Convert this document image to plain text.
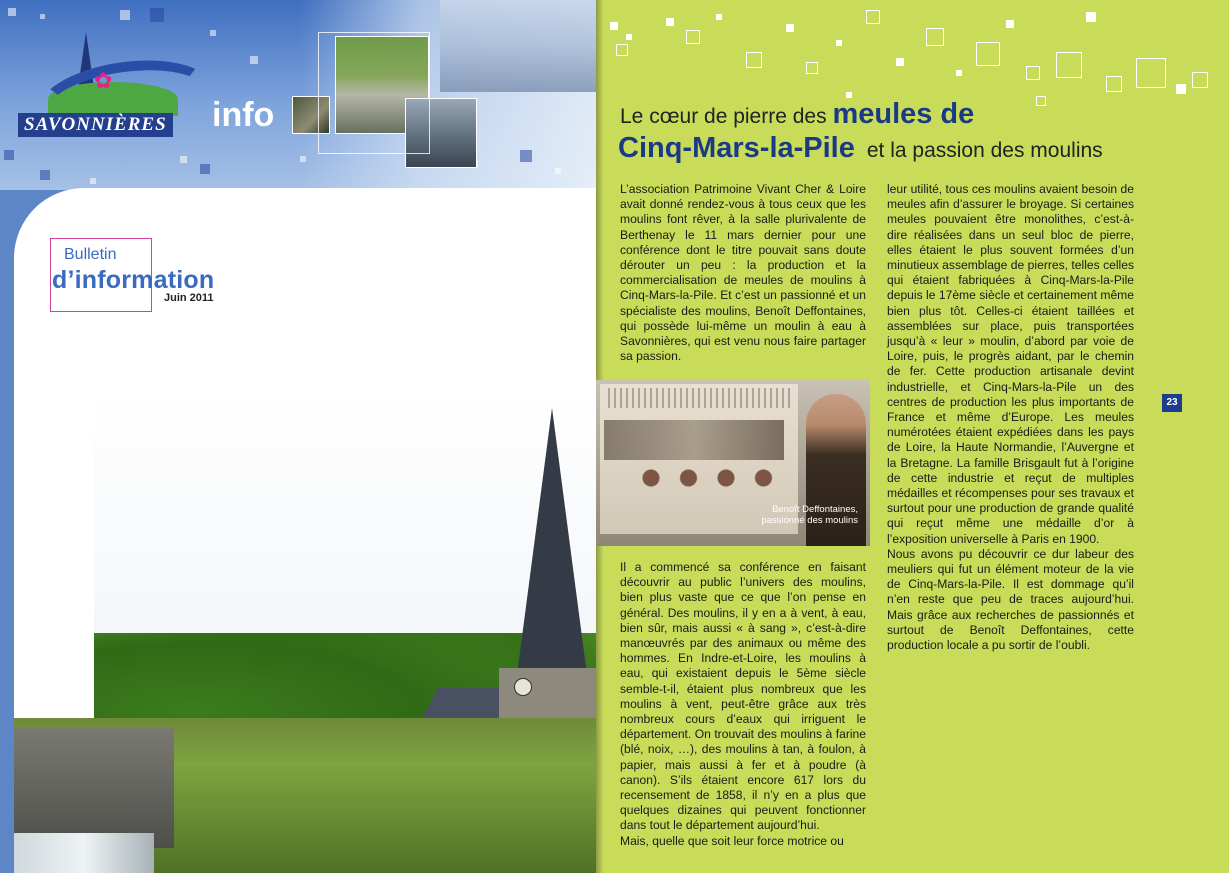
✿
SAVONNIÈRES info
Bulletin
d’information
Juin 2011
Le cœur de pierre des meules de
Cinq-Mars-la-Pile et la passion des moulins

L’association Patrimoine Vivant Cher & Loire avait donné rendez-vous à tous ceux que les moulins font rêver, à la salle plurivalente de Berthenay le 11 mars dernier pour une conférence dont le titre pouvait sans doute dérouter un peu : la production et la commercialisation de meules de moulins à Cinq-Mars-la-Pile. Et c’est un passionné et un spécialiste des moulins, Benoît Deffontaines, qui possède lui-même un moulin à eau à Savonnières, qui est venu nous faire partager sa passion.

Benoît Deffontaines,
passionné des moulins

Il a commencé sa conférence en faisant découvrir au public l’univers des moulins, bien plus vaste que ce que l’on pense en général. Des moulins, il y en a à vent, à eau, bien sûr, mais aussi « à sang », c’est-à-dire manœuvrés par des animaux ou même des hommes. En Indre-et-Loire, les moulins à eau, qui existaient depuis le 5ème siècle semble-t-il, étaient plus nombreux que les moulins à vent, peut-être grâce aux très nombreux cours d’eaux qui irriguent le département. On trouvait des moulins à farine (blé, noix, …), des moulins à tan, à foulon, à papier, mais aussi à fer et à poudre (à canon). S’ils étaient encore 617 lors du recensement de 1858, il n’y en a plus que quelques dizaines qui peuvent fonctionner dans tout le département aujourd’hui.

Mais, quelle que soit leur force motrice ou

leur utilité, tous ces moulins avaient besoin de meules afin d’assurer le broyage. Si certaines meules pouvaient être monolithes, c’est-à-dire réalisées dans un seul bloc de pierre, elles étaient le plus souvent formées d’un minutieux assemblage de pierres, telles celles qui étaient fabriquées à Cinq-Mars-la-Pile depuis le 17ème siècle et certainement même bien plus tôt. Celles-ci étaient taillées et assemblées sur place, puis transportées jusqu’à « leur » moulin, d’abord par voie de Loire, puis, le progrès aidant, par le chemin de fer. Cette production artisanale devint industrielle, et Cinq-Mars-la-Pile un des centres de production les plus importants de France et même d’Europe. Les meules numérotées étaient expédiées dans les pays de Loire, la Haute Normandie, l’Auvergne et la Bretagne. La famille Brisgault fut à l’origine de cette industrie et reçut de multiples médailles et récompenses pour ses travaux et surtout pour une production de grande qualité qui reçut même une médaille d’or à l’exposition universelle à Paris en 1900.

Nous avons pu découvrir ce dur labeur des meuliers qui fut un élément moteur de la vie de Cinq-Mars-la-Pile. Il est dommage qu’il n’en reste que peu de traces aujourd’hui. Mais grâce aux recherches de passionnés et surtout de Benoît Deffontaines, cette production locale a pu sortir de l’oubli.

23
